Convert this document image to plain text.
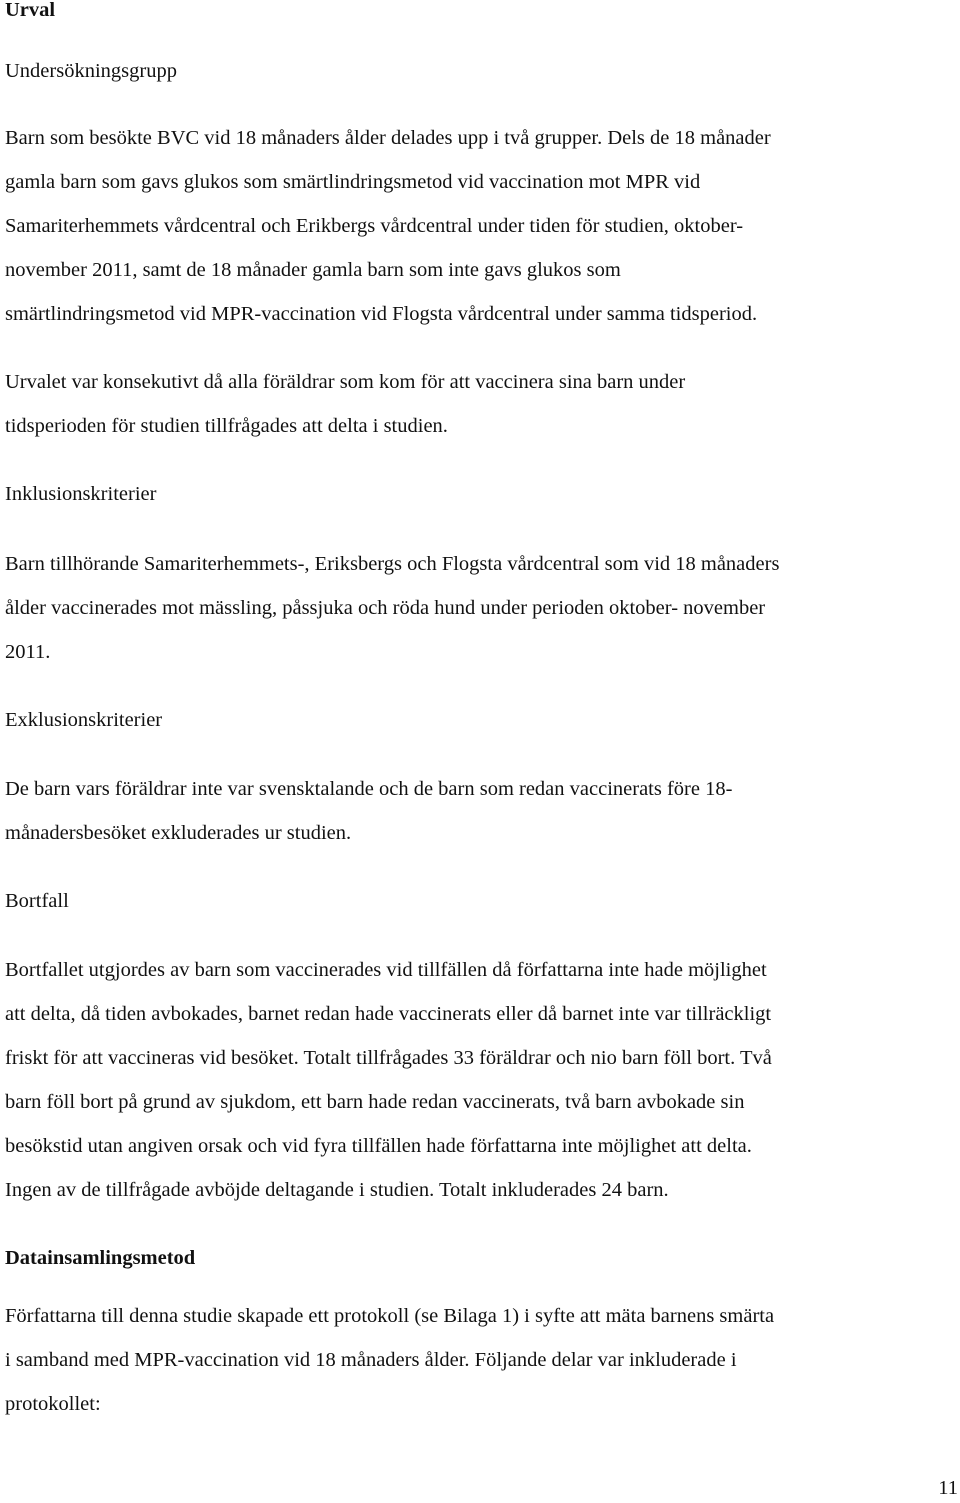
Urval

Undersökningsgrupp

Barn som besökte BVC vid 18 månaders ålder delades upp i två grupper. Dels de 18 månader
gamla barn som gavs glukos som smärtlindringsmetod vid vaccination mot MPR vid
Samariterhemmets vårdcentral och Erikbergs vårdcentral under tiden för studien, oktober-
november 2011, samt de 18 månader gamla barn som inte gavs glukos som
smärtlindringsmetod vid MPR-vaccination vid Flogsta vårdcentral under samma tidsperiod.
Urvalet var konsekutivt då alla föräldrar som kom för att vaccinera sina barn under
tidsperioden för studien tillfrågades att delta i studien.

Inklusionskriterier

Barn tillhörande Samariterhemmets-, Eriksbergs och Flogsta vårdcentral som vid 18 månaders
ålder vaccinerades mot mässling, påssjuka och röda hund under perioden oktober- november
2011.

Exklusionskriterier

De barn vars föräldrar inte var svensktalande och de barn som redan vaccinerats före 18-
månadersbesöket exkluderades ur studien.

Bortfall

Bortfallet utgjordes av barn som vaccinerades vid tillfällen då författarna inte hade möjlighet
att delta, då tiden avbokades, barnet redan hade vaccinerats eller då barnet inte var tillräckligt
friskt för att vaccineras vid besöket. Totalt tillfrågades 33 föräldrar och nio barn föll bort. Två
barn föll bort på grund av sjukdom, ett barn hade redan vaccinerats, två barn avbokade sin
besökstid utan angiven orsak och vid fyra tillfällen hade författarna inte möjlighet att delta.
Ingen av de tillfrågade avböjde deltagande i studien. Totalt inkluderades 24 barn.
Datainsamlingsmetod
Författarna till denna studie skapade ett protokoll (se Bilaga 1) i syfte att mäta barnens smärta
i samband med MPR-vaccination vid 18 månaders ålder. Följande delar var inkluderade i
protokollet:

11
